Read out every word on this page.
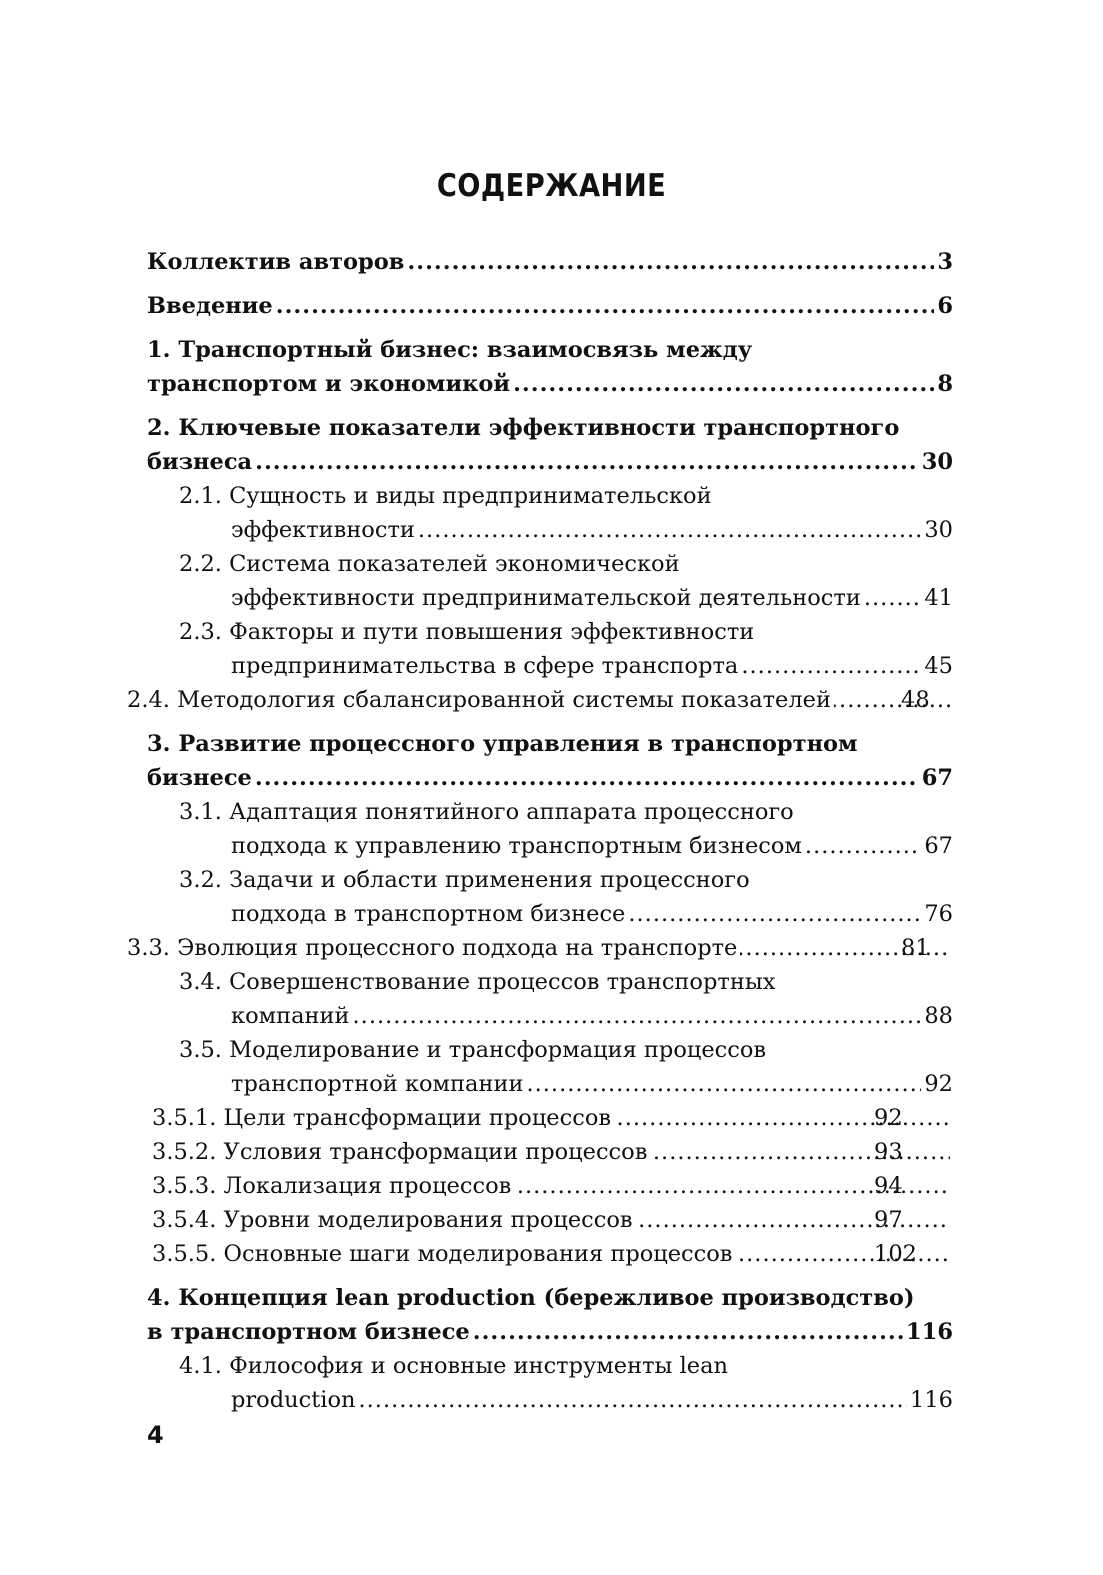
СОДЕРЖАНИЕ
Коллектив авторов .....	3
Введение .....	6
1. Транспортный бизнес: взаимосвязь между
транспортом и экономикой .....	8
2. Ключевые показатели эффективности транспортного
бизнеса .....	30
2.1. Сущность и виды предпринимательской
эффективности .....	30
2.2. Система показателей экономической
эффективности предпринимательской деятельности .....	41
2.3. Факторы и пути повышения эффективности
предпринимательства в сфере транспорта .....	45
2.4. Методология сбалансированной системы показателей .....	48
3. Развитие процессного управления в транспортном
бизнесе .....	67
3.1. Адаптация понятийного аппарата процессного
подхода к управлению транспортным бизнесом .....	67
3.2. Задачи и области применения процессного
подхода в транспортном бизнесе .....	76
3.3. Эволюция процессного подхода на транспорте .....	81
3.4. Совершенствование процессов транспортных
компаний .....	88
3.5. Моделирование и трансформация процессов
транспортной компании .....	92
3.5.1. Цели трансформации процессов .....	92
3.5.2. Условия трансформации процессов .....	93
3.5.3. Локализация процессов .....	94
3.5.4. Уровни моделирования процессов .....	97
3.5.5. Основные шаги моделирования процессов .....	102
4. Концепция lean production (бережливое производство)
в транспортном бизнесе .....	116
4.1. Философия и основные инструменты lean
production .....	116
4
